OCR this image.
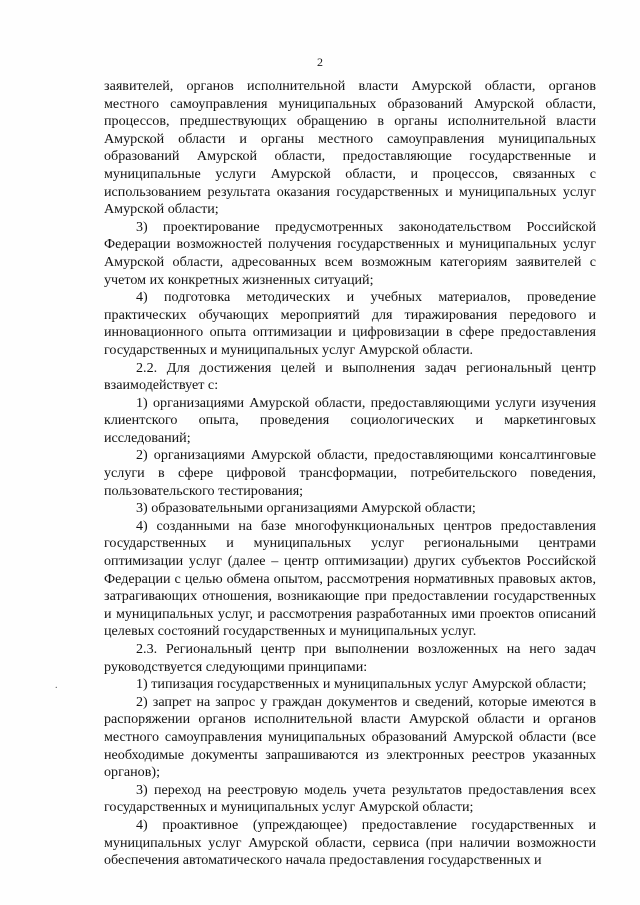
2
.

заявителей, органов исполнительной власти Амурской области, органов местного самоуправления муниципальных образований Амурской области, процессов, предшествующих обращению в органы исполнительной власти Амурской области и органы местного самоуправления муниципальных образований Амурской области, предоставляющие государственные и муниципальные услуги Амурской области, и процессов, связанных с использованием результата оказания государственных и муниципальных услуг Амурской области;

3) проектирование предусмотренных законодательством Российской Федерации возможностей получения государственных и муниципальных услуг Амурской области, адресованных всем возможным категориям заявителей с учетом их конкретных жизненных ситуаций;

4) подготовка методических и учебных материалов, проведение практических обучающих мероприятий для тиражирования передового и инновационного опыта оптимизации и цифровизации в сфере предоставления государственных и муниципальных услуг Амурской области.

2.2. Для достижения целей и выполнения задач региональный центр взаимодействует с:

1) организациями Амурской области, предоставляющими услуги изучения клиентского опыта, проведения социологических и маркетинговых исследований;

2) организациями Амурской области, предоставляющими консалтинговые услуги в сфере цифровой трансформации, потребительского поведения, пользовательского тестирования;

3) образовательными организациями Амурской области;

4) созданными на базе многофункциональных центров предоставления государственных и муниципальных услуг региональными центрами оптимизации услуг (далее – центр оптимизации) других субъектов Российской Федерации с целью обмена опытом, рассмотрения нормативных правовых актов, затрагивающих отношения, возникающие при предоставлении государственных и муниципальных услуг, и рассмотрения разработанных ими проектов описаний целевых состояний государственных и муниципальных услуг.

2.3. Региональный центр при выполнении возложенных на него задач руководствуется следующими принципами:

1) типизация государственных и муниципальных услуг Амурской области;

2) запрет на запрос у граждан документов и сведений, которые имеются в распоряжении органов исполнительной власти Амурской области и органов местного самоуправления муниципальных образований Амурской области (все необходимые документы запрашиваются из электронных реестров указанных органов);

3) переход на реестровую модель учета результатов предоставления всех государственных и муниципальных услуг Амурской области;

4) проактивное (упреждающее) предоставление государственных и муниципальных услуг Амурской области, сервиса (при наличии возможности обеспечения автоматического начала предоставления государственных и
